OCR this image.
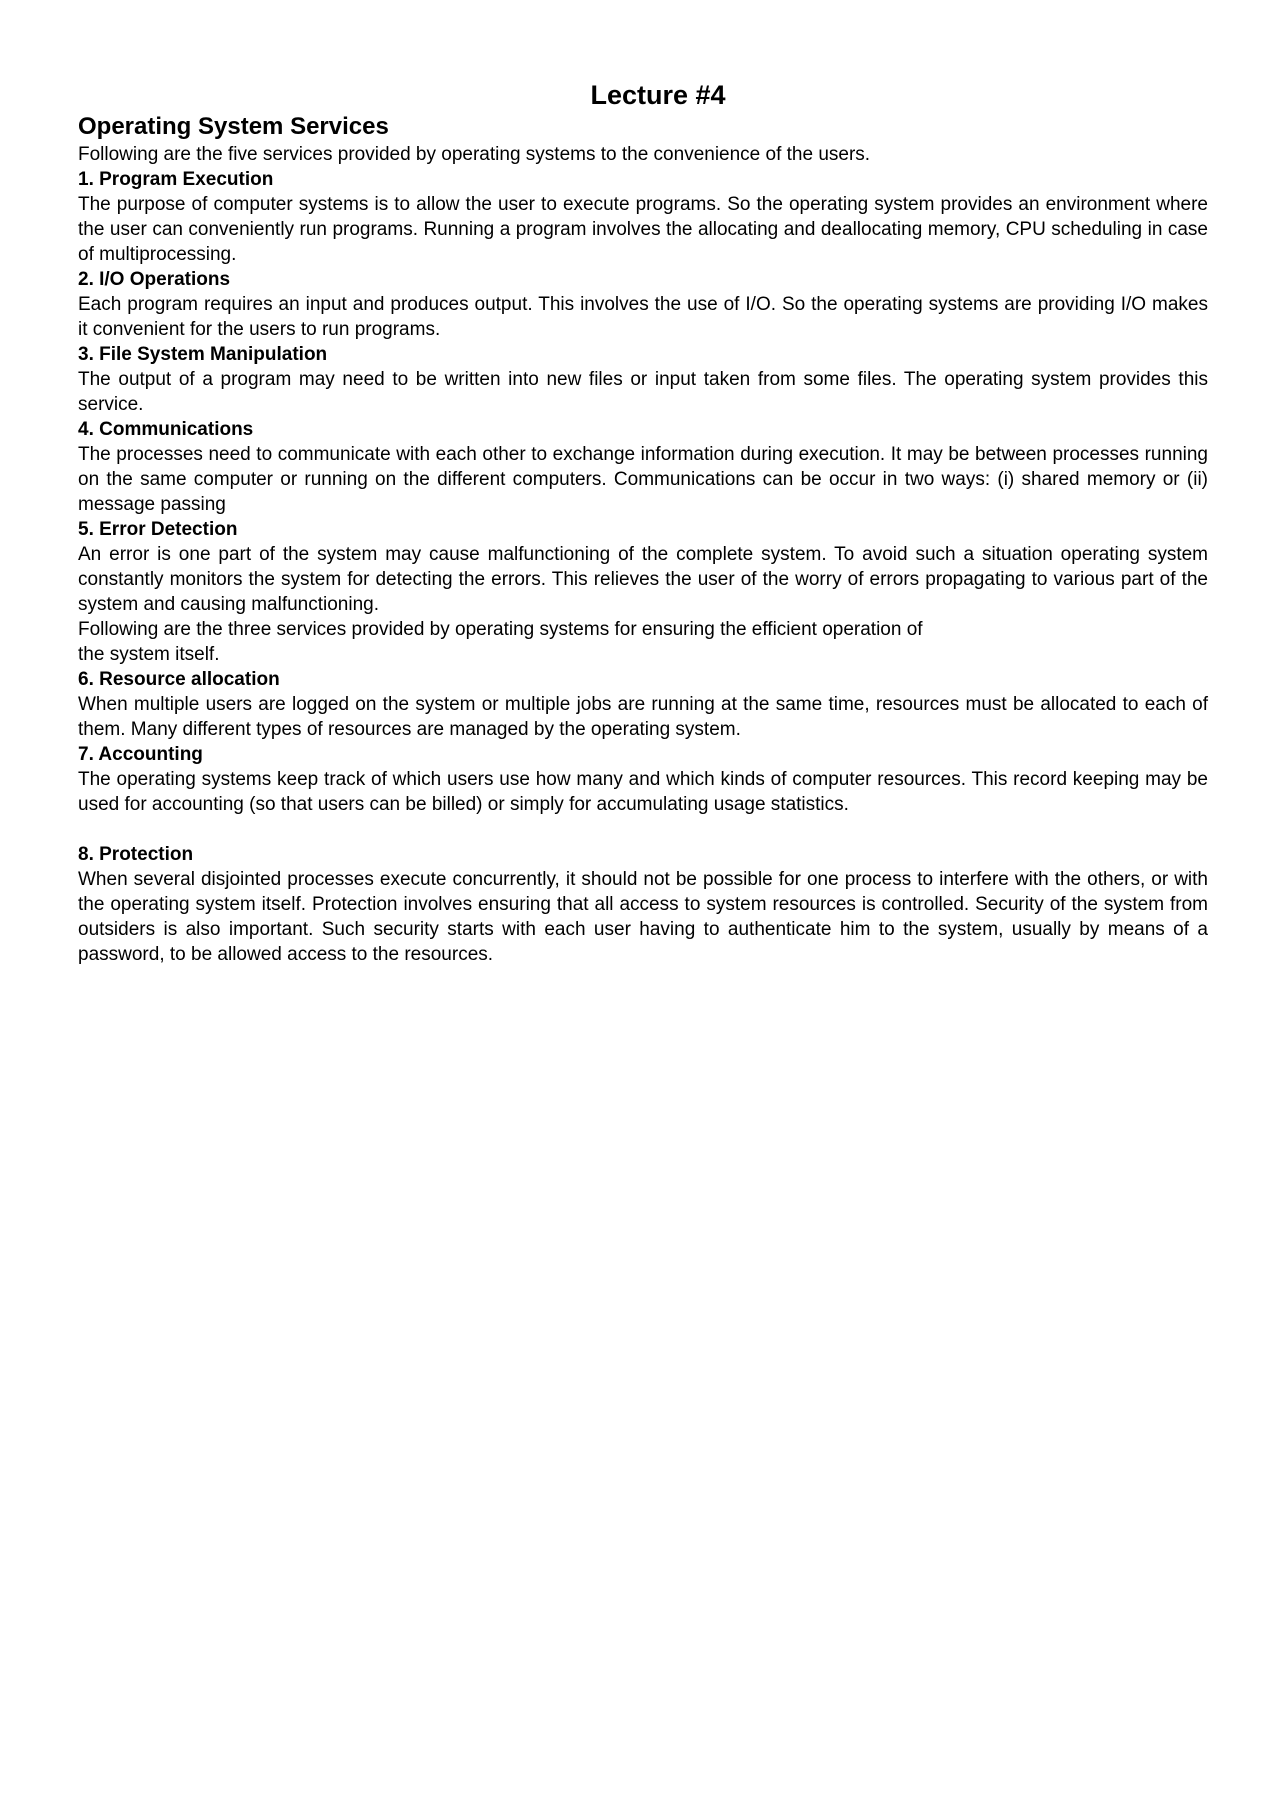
Lecture #4
Operating System Services

Following are the five services provided by operating systems to the convenience of the users.

1. Program Execution

The purpose of computer systems is to allow the user to execute programs. So the operating system provides an environment where the user can conveniently run programs. Running a program involves the allocating and deallocating memory, CPU scheduling in case of multiprocessing.

2. I/O Operations

Each program requires an input and produces output. This involves the use of I/O. So the operating systems are providing I/O makes it convenient for the users to run programs.

3. File System Manipulation

The output of a program may need to be written into new files or input taken from some files. The operating system provides this service.

4. Communications

The processes need to communicate with each other to exchange information during execution. It may be between processes running on the same computer or running on the different computers. Communications can be occur in two ways: (i) shared memory or (ii) message passing

5. Error Detection

An error is one part of the system may cause malfunctioning of the complete system. To avoid such a situation operating system constantly monitors the system for detecting the errors. This relieves the user of the worry of errors propagating to various part of the system and causing malfunctioning.

Following are the three services provided by operating systems for ensuring the efficient operation of

the system itself.

6. Resource allocation

When multiple users are logged on the system or multiple jobs are running at the same time, resources must be allocated to each of them. Many different types of resources are managed by the operating system.

7. Accounting

The operating systems keep track of which users use how many and which kinds of computer resources. This record keeping may be used for accounting (so that users can be billed) or simply for accumulating usage statistics.

8. Protection

When several disjointed processes execute concurrently, it should not be possible for one process to interfere with the others, or with the operating system itself. Protection involves ensuring that all access to system resources is controlled. Security of the system from outsiders is also important. Such security starts with each user having to authenticate him to the system, usually by means of a password, to be allowed access to the resources.
